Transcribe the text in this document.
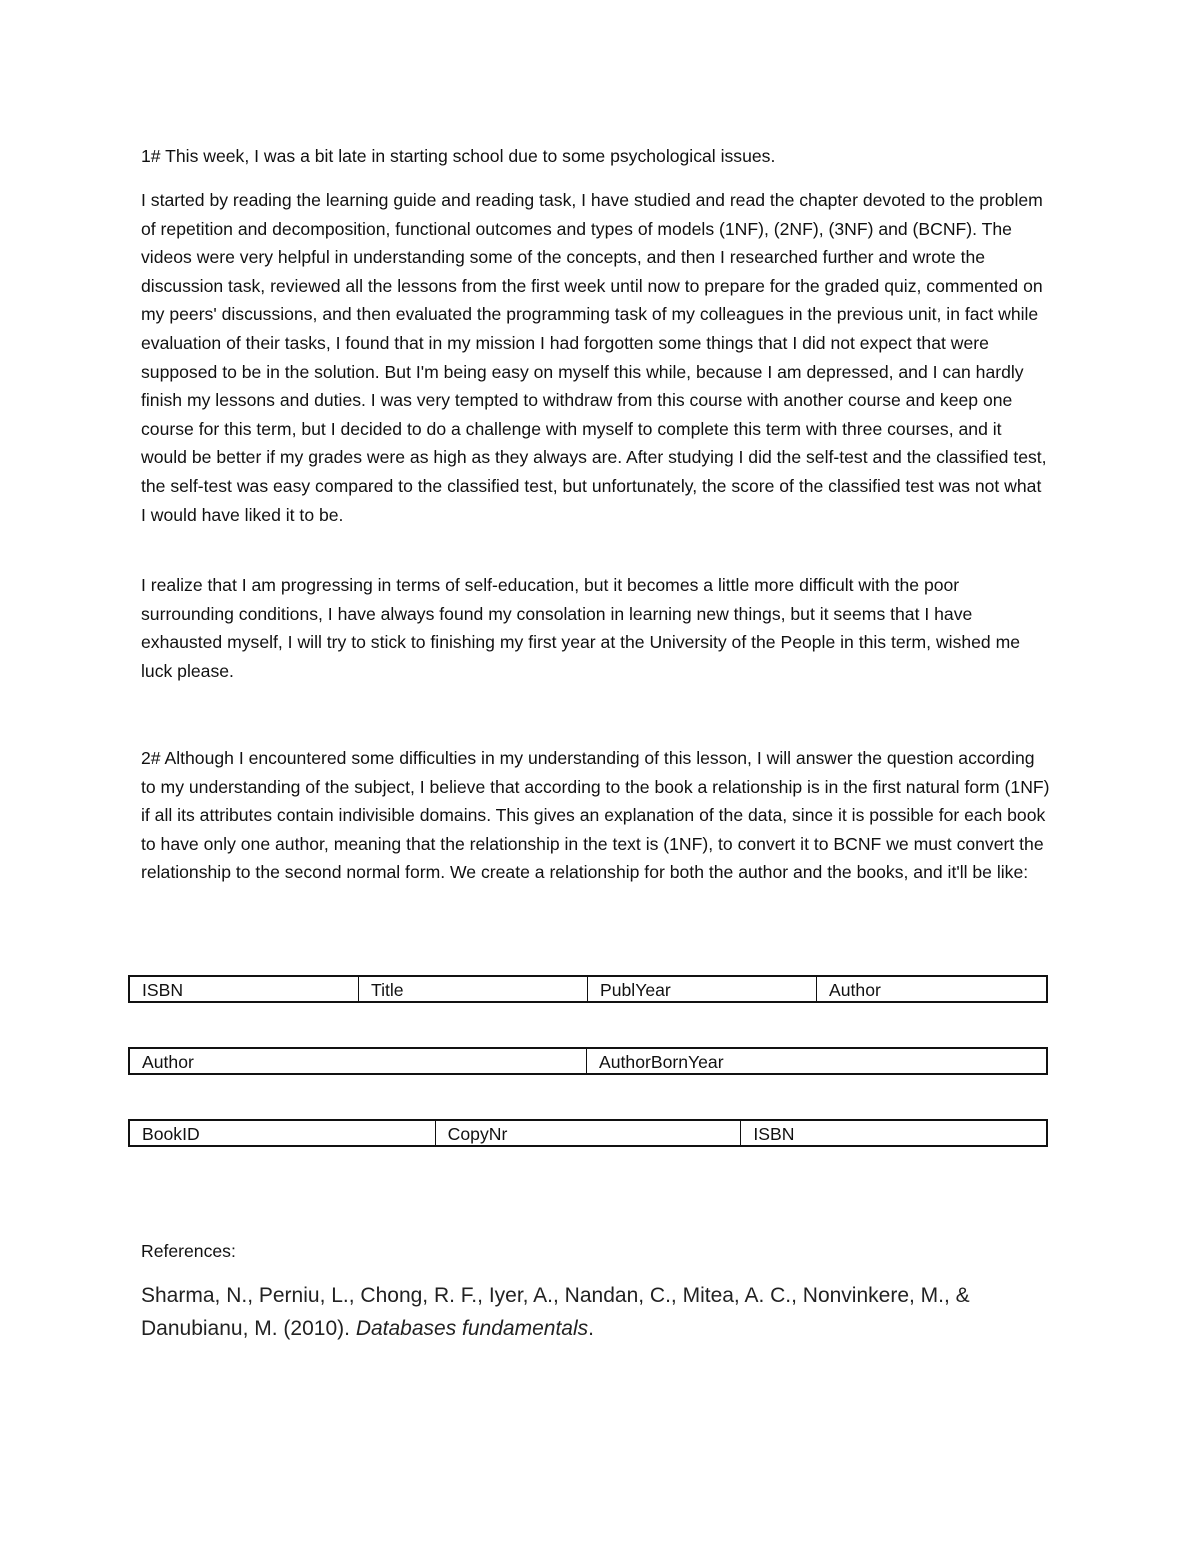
1# This week, I was a bit late in starting school due to some psychological issues.

I started by reading the learning guide and reading task, I have studied and read the chapter devoted to the problem of repetition and decomposition, functional outcomes and types of models (1NF), (2NF), (3NF) and (BCNF). The videos were very helpful in understanding some of the concepts, and then I researched further and wrote the discussion task, reviewed all the lessons from the first week until now to prepare for the graded quiz, commented on my peers' discussions, and then evaluated the programming task of my colleagues in the previous unit, in fact while evaluation of their tasks, I found that in my mission I had forgotten some things that I did not expect that were supposed to be in the solution. But I'm being easy on myself this while, because I am depressed, and I can hardly finish my lessons and duties. I was very tempted to withdraw from this course with another course and keep one course for this term, but I decided to do a challenge with myself to complete this term with three courses, and it would be better if my grades were as high as they always are. After studying I did the self-test and the classified test, the self-test was easy compared to the classified test, but unfortunately, the score of the classified test was not what I would have liked it to be.

I realize that I am progressing in terms of self-education, but it becomes a little more difficult with the poor surrounding conditions, I have always found my consolation in learning new things, but it seems that I have exhausted myself, I will try to stick to finishing my first year at the University of the People in this term, wished me luck please.

2# Although I encountered some difficulties in my understanding of this lesson, I will answer the question according to my understanding of the subject, I believe that according to the book a relationship is in the first natural form (1NF) if all its attributes contain indivisible domains. This gives an explanation of the data, since it is possible for each book to have only one author, meaning that the relationship in the text is (1NF), to convert it to BCNF we must convert the relationship to the second normal form. We create a relationship for both the author and the books, and it'll be like:

ISBN	Title	PublYear	Author
Author	AuthorBornYear
BookID	CopyNr	ISBN

References:

Sharma, N., Perniu, L., Chong, R. F., Iyer, A., Nandan, C., Mitea, A. C., Nonvinkere, M., & Danubianu, M. (2010). Databases fundamentals.
